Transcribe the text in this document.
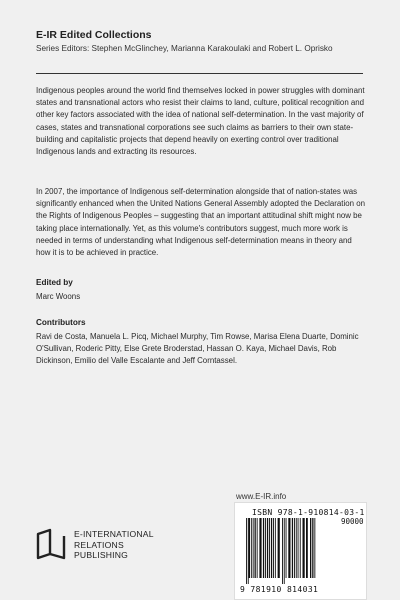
E-IR Edited Collections
Series Editors: Stephen McGlinchey, Marianna Karakoulaki and Robert L. Oprisko

Indigenous peoples around the world find themselves locked in power struggles with dominant states and transnational actors who resist their claims to land, culture, political recognition and other key factors associated with the idea of national self-determination. In the vast majority of cases, states and transnational corporations see such claims as barriers to their own state-building and capitalistic projects that depend heavily on exerting control over traditional Indigenous lands and extracting its resources.

In 2007, the importance of Indigenous self-determination alongside that of nation-states was significantly enhanced when the United Nations General Assembly adopted the Declaration on the Rights of Indigenous Peoples – suggesting that an important attitudinal shift might now be taking place internationally. Yet, as this volume's contributors suggest, much more work is needed in terms of understanding what Indigenous self-determination means in theory and how it is to be achieved in practice.

Edited by
Marc Woons
Contributors

Ravi de Costa, Manuela L. Picq, Michael Murphy, Tim Rowse, Marisa Elena Duarte, Dominic O'Sullivan, Roderic Pitty, Else Grete Broderstad, Hassan O. Kaya, Michael Davis, Rob Dickinson, Emilio del Valle Escalante and Jeff Corntassel.

www.E-IR.info
E-INTERNATIONAL
RELATIONS
PUBLISHING
ISBN 978-1-910814-03-1
90000
9 781910 814031
